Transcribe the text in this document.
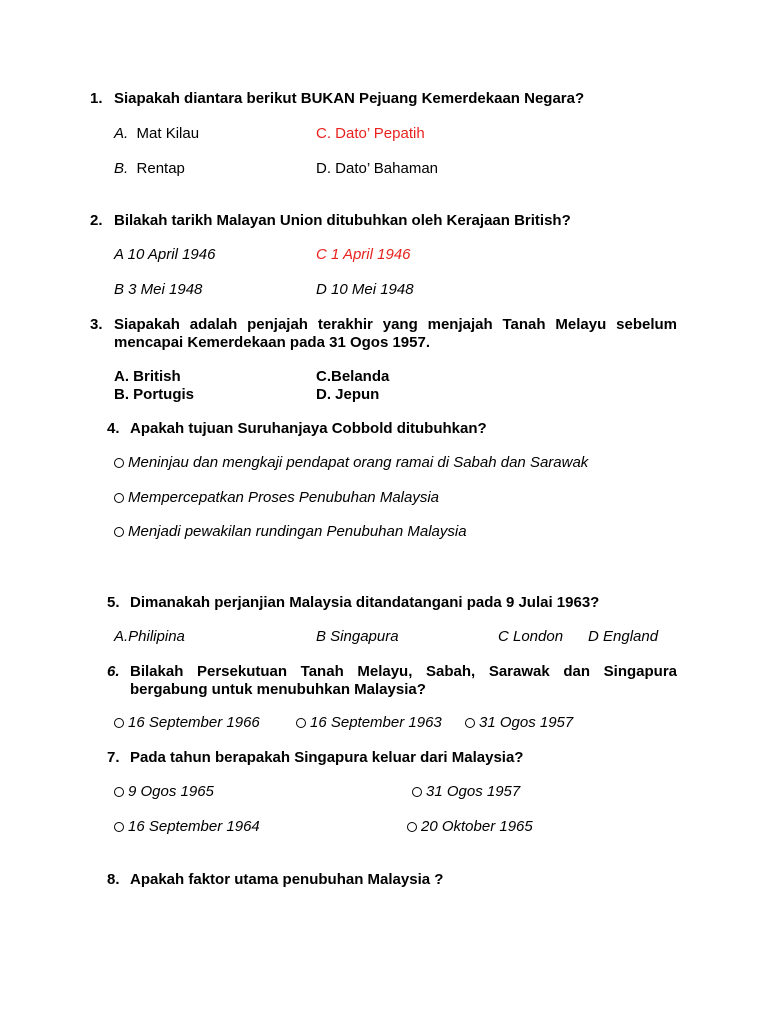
1. Siapakah diantara berikut BUKAN Pejuang Kemerdekaan Negara?
A. Mat Kilau	C. Dato’ Pepatih
B. Rentap	D. Dato’ Bahaman
2. Bilakah tarikh Malayan Union ditubuhkan oleh Kerajaan British?
A 10 April 1946	C 1 April 1946
B 3 Mei 1948	D 10 Mei 1948
3. Siapakah adalah penjajah terakhir yang menjajah Tanah Melayu sebelum
mencapai Kemerdekaan pada 31 Ogos 1957.
A. British	C.Belanda
B. Portugis	D. Jepun
4. Apakah tujuan Suruhanjaya Cobbold ditubuhkan?
Meninjau dan mengkaji pendapat orang ramai di Sabah dan Sarawak
Mempercepatkan Proses Penubuhan Malaysia
Menjadi pewakilan rundingan Penubuhan Malaysia
5. Dimanakah perjanjian Malaysia ditandatangani pada 9 Julai 1963?
A.Philipina	B Singapura	C London D England
6. Bilakah Persekutuan Tanah Melayu, Sabah, Sarawak dan Singapura
bergabung untuk menubuhkan Malaysia?
16 September 1966	16 September 1963	31 Ogos 1957
7. Pada tahun berapakah Singapura keluar dari Malaysia?
9 Ogos 1965	31 Ogos 1957
16 September 1964	20 Oktober 1965
8. Apakah faktor utama penubuhan Malaysia ?
